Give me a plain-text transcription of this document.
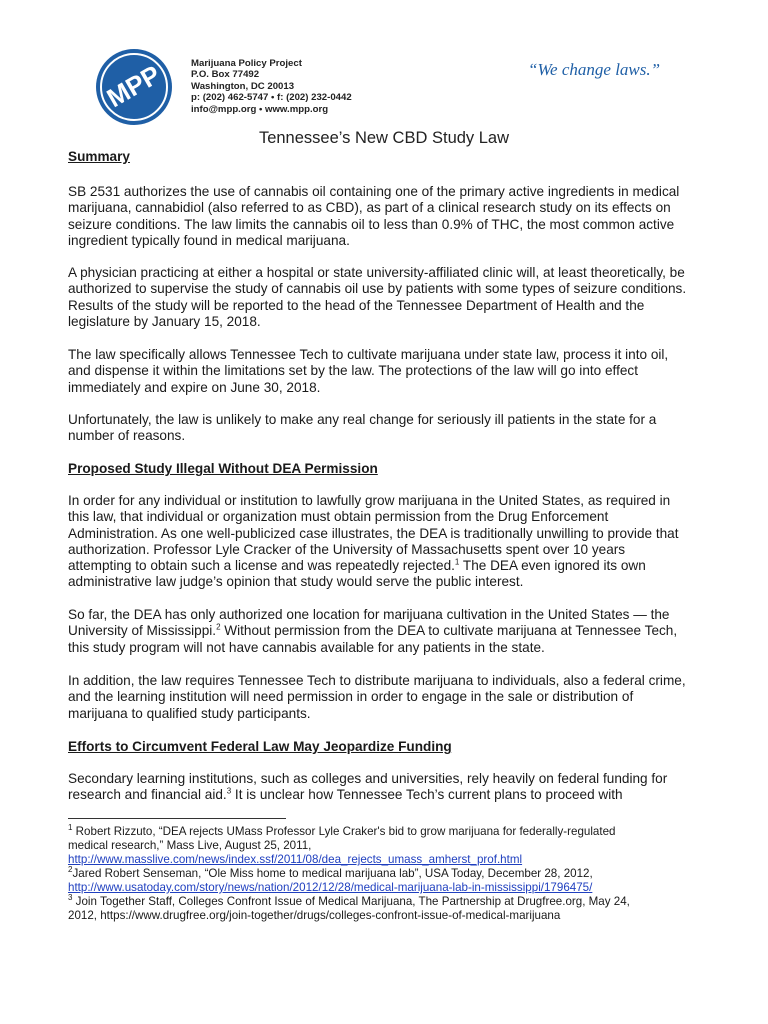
MPP	Marijuana Policy Project
P.O. Box 77492
Washington, DC 20013
p: (202) 462-5747 • f: (202) 232-0442
info@mpp.org • www.mpp.org
“We change laws.”
Tennessee’s New CBD Study Law
Summary
SB 2531 authorizes the use of cannabis oil containing one of the primary active ingredients in medical
marijuana, cannabidiol (also referred to as CBD), as part of a clinical research study on its effects on
seizure conditions. The law limits the cannabis oil to less than 0.9% of THC, the most common active
ingredient typically found in medical marijuana.
A physician practicing at either a hospital or state university-affiliated clinic will, at least theoretically, be
authorized to supervise the study of cannabis oil use by patients with some types of seizure conditions.
Results of the study will be reported to the head of the Tennessee Department of Health and the
legislature by January 15, 2018.
The law specifically allows Tennessee Tech to cultivate marijuana under state law, process it into oil,
and dispense it within the limitations set by the law. The protections of the law will go into effect
immediately and expire on June 30, 2018.
Unfortunately, the law is unlikely to make any real change for seriously ill patients in the state for a
number of reasons.
Proposed Study Illegal Without DEA Permission
In order for any individual or institution to lawfully grow marijuana in the United States, as required in
this law, that individual or organization must obtain permission from the Drug Enforcement
Administration. As one well-publicized case illustrates, the DEA is traditionally unwilling to provide that
authorization. Professor Lyle Cracker of the University of Massachusetts spent over 10 years
attempting to obtain such a license and was repeatedly rejected.$^1$ The DEA even ignored its own
administrative law judge’s opinion that study would serve the public interest.
So far, the DEA has only authorized one location for marijuana cultivation in the United States — the
University of Mississippi.$^2$ Without permission from the DEA to cultivate marijuana at Tennessee Tech,
this study program will not have cannabis available for any patients in the state.
In addition, the law requires Tennessee Tech to distribute marijuana to individuals, also a federal crime,
and the learning institution will need permission in order to engage in the sale or distribution of
marijuana to qualified study participants.
Efforts to Circumvent Federal Law May Jeopardize Funding
Secondary learning institutions, such as colleges and universities, rely heavily on federal funding for
research and financial aid.$^3$ It is unclear how Tennessee Tech’s current plans to proceed with
$^1$ Robert Rizzuto, “DEA rejects UMass Professor Lyle Craker's bid to grow marijuana for federally-regulated
medical research,” Mass Live, August 25, 2011,
http://www.masslive.com/news/index.ssf/2011/08/dea_rejects_umass_amherst_prof.html
$^2$Jared Robert Senseman, “Ole Miss home to medical marijuana lab”, USA Today, December 28, 2012,
http://www.usatoday.com/story/news/nation/2012/12/28/medical-marijuana-lab-in-mississippi/1796475/
$^3$ Join Together Staff, Colleges Confront Issue of Medical Marijuana, The Partnership at Drugfree.org, May 24,
2012, https://www.drugfree.org/join-together/drugs/colleges-confront-issue-of-medical-marijuana
